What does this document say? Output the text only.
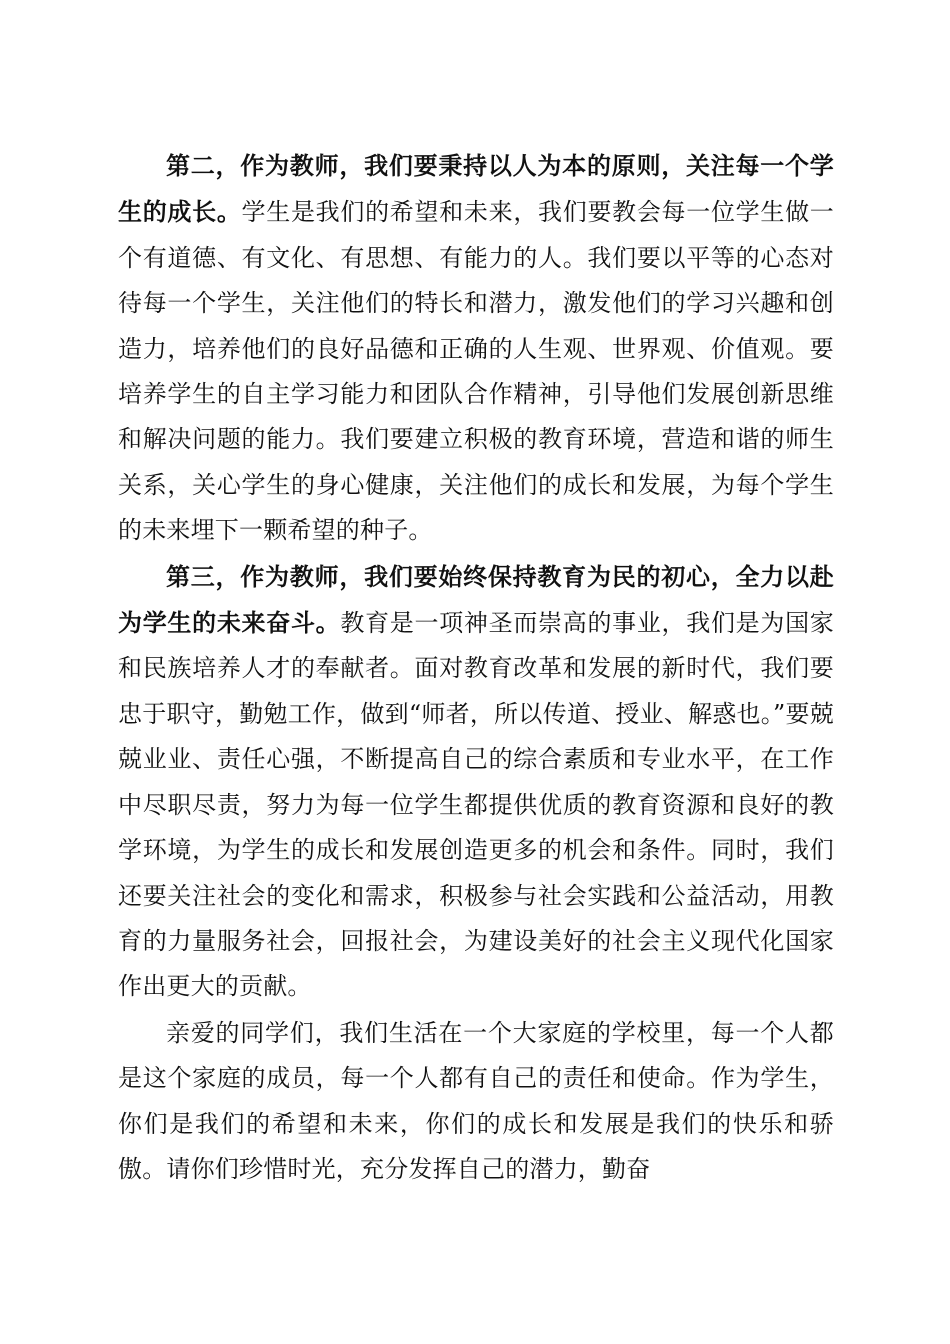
第二，作为教师，我们要秉持以人为本的原则，关注每一个学生的成长。学生是我们的希望和未来，我们要教会每一位学生做一个有道德、有文化、有思想、有能力的人。我们要以平等的心态对待每一个学生，关注他们的特长和潜力，激发他们的学习兴趣和创造力，培养他们的良好品德和正确的人生观、世界观、价值观。要培养学生的自主学习能力和团队合作精神，引导他们发展创新思维和解决问题的能力。我们要建立积极的教育环境，营造和谐的师生关系，关心学生的身心健康，关注他们的成长和发展，为每个学生的未来埋下一颗希望的种子。

第三，作为教师，我们要始终保持教育为民的初心，全力以赴为学生的未来奋斗。教育是一项神圣而崇高的事业，我们是为国家和民族培养人才的奉献者。面对教育改革和发展的新时代，我们要忠于职守，勤勉工作，做到“师者，所以传道、授业、解惑也。”要兢兢业业、责任心强，不断提高自己的综合素质和专业水平，在工作中尽职尽责，努力为每一位学生都提供优质的教育资源和良好的教学环境，为学生的成长和发展创造更多的机会和条件。同时，我们还要关注社会的变化和需求，积极参与社会实践和公益活动，用教育的力量服务社会，回报社会，为建设美好的社会主义现代化国家作出更大的贡献。

亲爱的同学们，我们生活在一个大家庭的学校里，每一个人都是这个家庭的成员，每一个人都有自己的责任和使命。作为学生，你们是我们的希望和未来，你们的成长和发展是我们的快乐和骄傲。请你们珍惜时光，充分发挥自己的潜力，勤奋
